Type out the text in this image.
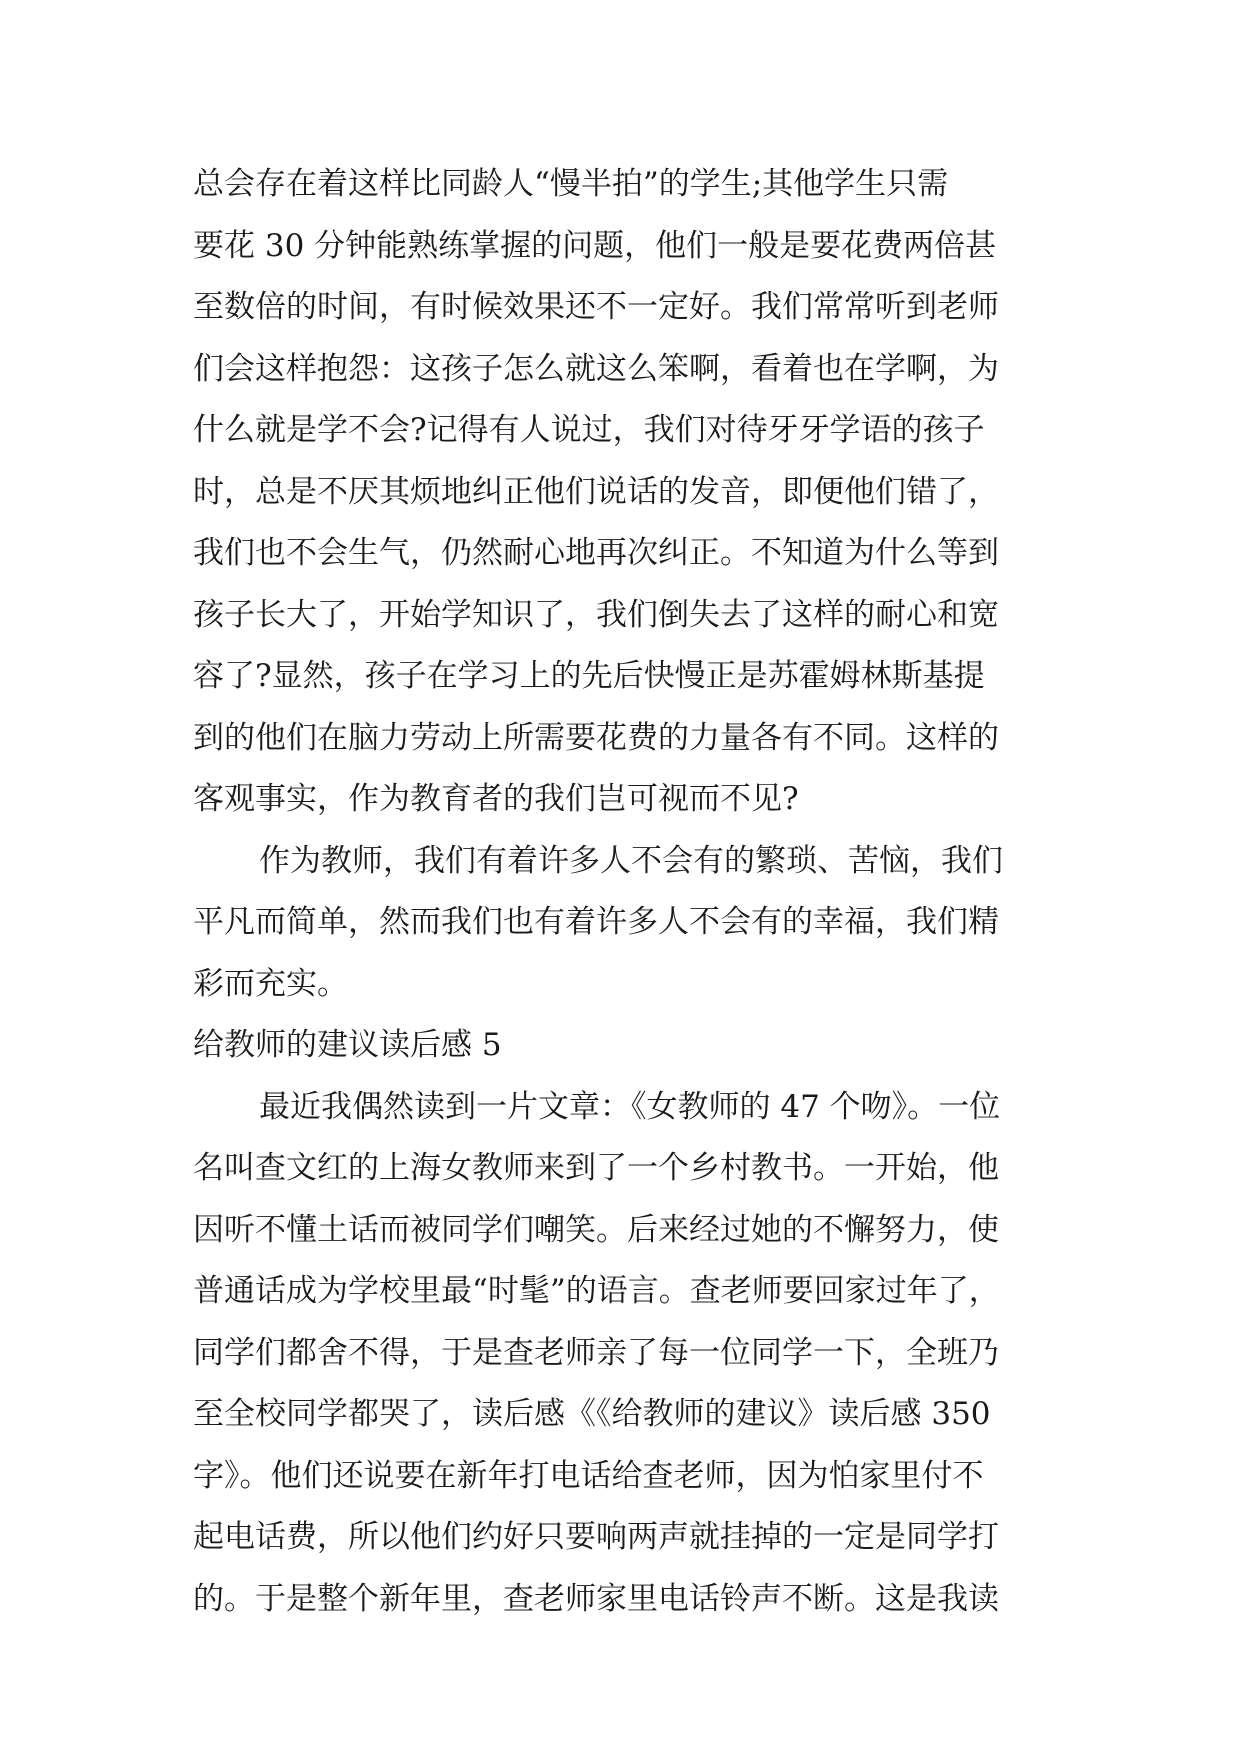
总会存在着这样比同龄人“慢半拍”的学生;其他学生只需
要花 30 分钟能熟练掌握的问题，他们一般是要花费两倍甚
至数倍的时间，有时候效果还不一定好。我们常常听到老师
们会这样抱怨：这孩子怎么就这么笨啊，看着也在学啊，为
什么就是学不会?记得有人说过，我们对待牙牙学语的孩子
时，总是不厌其烦地纠正他们说话的发音，即便他们错了，
我们也不会生气，仍然耐心地再次纠正。不知道为什么等到
孩子长大了，开始学知识了，我们倒失去了这样的耐心和宽
容了?显然，孩子在学习上的先后快慢正是苏霍姆林斯基提
到的他们在脑力劳动上所需要花费的力量各有不同。这样的
客观事实，作为教育者的我们岂可视而不见?
作为教师，我们有着许多人不会有的繁琐、苦恼，我们
平凡而简单，然而我们也有着许多人不会有的幸福，我们精
彩而充实。
给教师的建议读后感 5
最近我偶然读到一片文章：《女教师的 47 个吻》。一位
名叫查文红的上海女教师来到了一个乡村教书。一开始，他
因听不懂土话而被同学们嘲笑。后来经过她的不懈努力，使
普通话成为学校里最“时髦”的语言。查老师要回家过年了，
同学们都舍不得，于是查老师亲了每一位同学一下，全班乃
至全校同学都哭了，读后感《《给教师的建议》读后感 350
字》。他们还说要在新年打电话给查老师，因为怕家里付不
起电话费，所以他们约好只要响两声就挂掉的一定是同学打
的。于是整个新年里，查老师家里电话铃声不断。这是我读
